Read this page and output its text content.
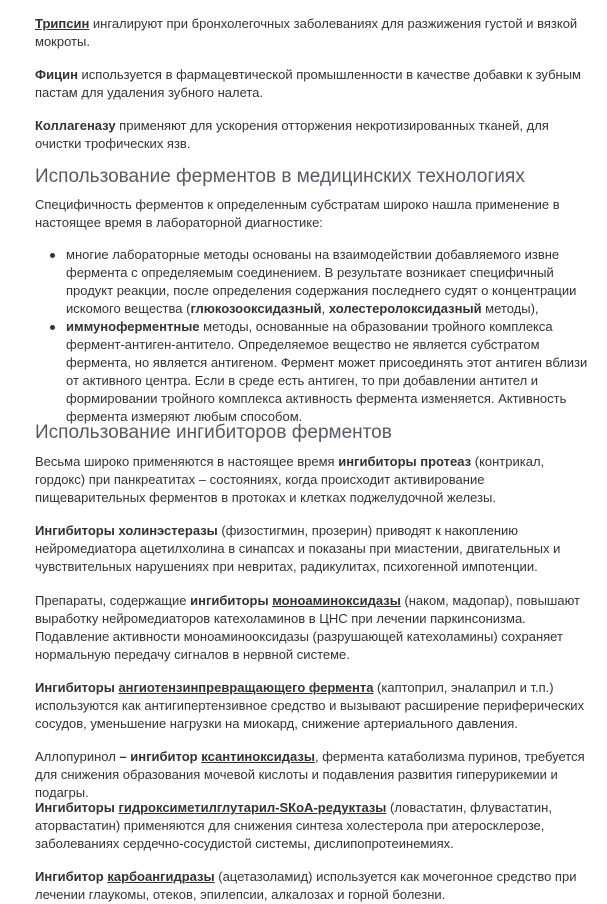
Трипсин ингалируют при бронхолегочных заболеваниях для разжижения густой и вязкой мокроты.

Фицин используется в фармацевтической промышленности в качестве добавки к зубным пастам для удаления зубного налета.

Коллагеназу применяют для ускорения отторжения некротизированных тканей, для очистки трофических язв.

Использование ферментов в медицинских технологиях

Специфичность ферментов к определенным субстратам широко нашла применение в настоящее время в лабораторной диагностике:

многие лабораторные методы основаны на взаимодействии добавляемого извне фермента с определяемым соединением. В результате возникает специфичный продукт реакции, после определения содержания последнего судят о концентрации искомого вещества (глюкозооксидазный, холестеролоксидазный методы),
иммуноферментные методы, основанные на образовании тройного комплекса фермент-антиген-антитело. Определяемое вещество не является субстратом фермента, но является антигеном. Фермент может присоединять этот антиген вблизи от активного центра. Если в среде есть антиген, то при добавлении антител и формировании тройного комплекса активность фермента изменяется. Активность фермента измеряют любым способом.
Использование ингибиторов ферментов

Весьма широко применяются в настоящее время ингибиторы протеаз (контрикал, гордокс) при панкреатитах – состояниях, когда происходит активирование пищеварительных ферментов в протоках и клетках поджелудочной железы.

Ингибиторы холинэстеразы (физостигмин, прозерин) приводят к накоплению нейромедиатора ацетилхолина в синапсах и показаны при миастении, двигательных и чувствительных нарушениях при невритах, радикулитах, психогенной импотенции.

Препараты, содержащие ингибиторы моноаминоксидазы (наком, мадопар), повышают выработку нейромедиаторов катехоламинов в ЦНС при лечении паркинсонизма. Подавление активности моноаминооксидазы (разрушающей катехоламины) сохраняет нормальную передачу сигналов в нервной системе.

Ингибиторы ангиотензинпревращающего фермента (каптоприл, эналаприл и т.п.) используются как антигипертензивное средство и вызывают расширение периферических сосудов, уменьшение нагрузки на миокард, снижение артериального давления.

Аллопуринол – ингибитор ксантиноксидазы, фермента катаболизма пуринов, требуется для снижения образования мочевой кислоты и подавления развития гиперурикемии и подагры.

Ингибиторы гидроксиметилглутарил-SКоА-редуктазы (ловастатин, флувастатин, аторвастатин) применяются для снижения синтеза холестерола при атеросклерозе, заболеваниях сердечно-сосудистой системы, дислипопротеинемиях.

Ингибитор карбоангидразы (ацетазоламид) используется как мочегонное средство при лечении глаукомы, отеков, эпилепсии, алкалозах и горной болезни.
